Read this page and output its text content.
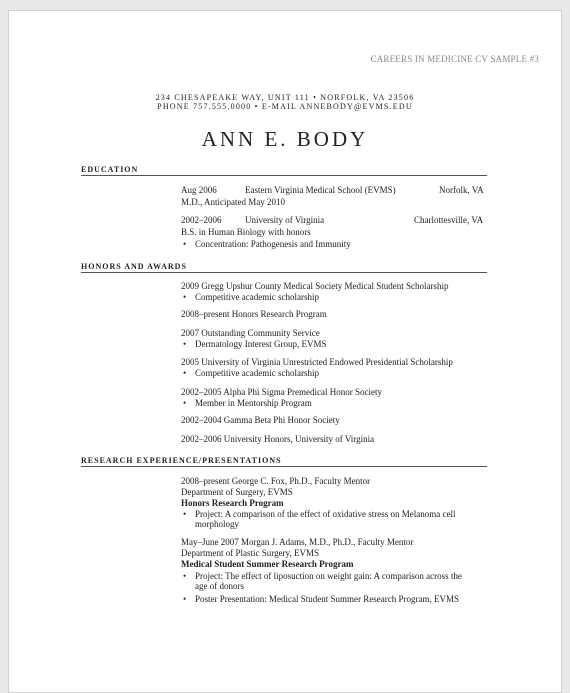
CAREERS IN MEDICINE CV SAMPLE #3
234 CHESAPEAKE WAY, UNIT 111 • NORFOLK, VA 23506
PHONE 757.555.0000 • E-MAIL ANNEBODY@EVMS.EDU
ANN E. BODY
EDUCATION
Aug 2006	Eastern Virginia Medical School (EVMS)	Norfolk, VA
M.D., Anticipated May 2010
2002–2006	University of Virginia	Charlottesville, VA
B.S. in Human Biology with honors
• Concentration: Pathogenesis and Immunity
HONORS AND AWARDS
2009 Gregg Upshur County Medical Society Medical Student Scholarship
• Competitive academic scholarship
2008–present Honors Research Program
2007 Outstanding Community Service
• Dermatology Interest Group, EVMS
2005 University of Virginia Unrestricted Endowed Presidential Scholarship
• Competitive academic scholarship
2002–2005 Alpha Phi Sigma Premedical Honor Society
• Member in Mentorship Program
2002–2004 Gamma Beta Phi Honor Society
2002–2006 University Honors, University of Virginia
RESEARCH EXPERIENCE/PRESENTATIONS
2008–present George C. Fox, Ph.D., Faculty Mentor
Department of Surgery, EVMS
Honors Research Program
• Project: A comparison of the effect of oxidative stress on Melanoma cell
morphology
May–June 2007 Morgan J. Adams, M.D., Ph.D., Faculty Mentor
Department of Plastic Surgery, EVMS
Medical Student Summer Research Program
• Project: The effect of liposuction on weight gain: A comparison across the
age of donors
• Poster Presentation: Medical Student Summer Research Program, EVMS
